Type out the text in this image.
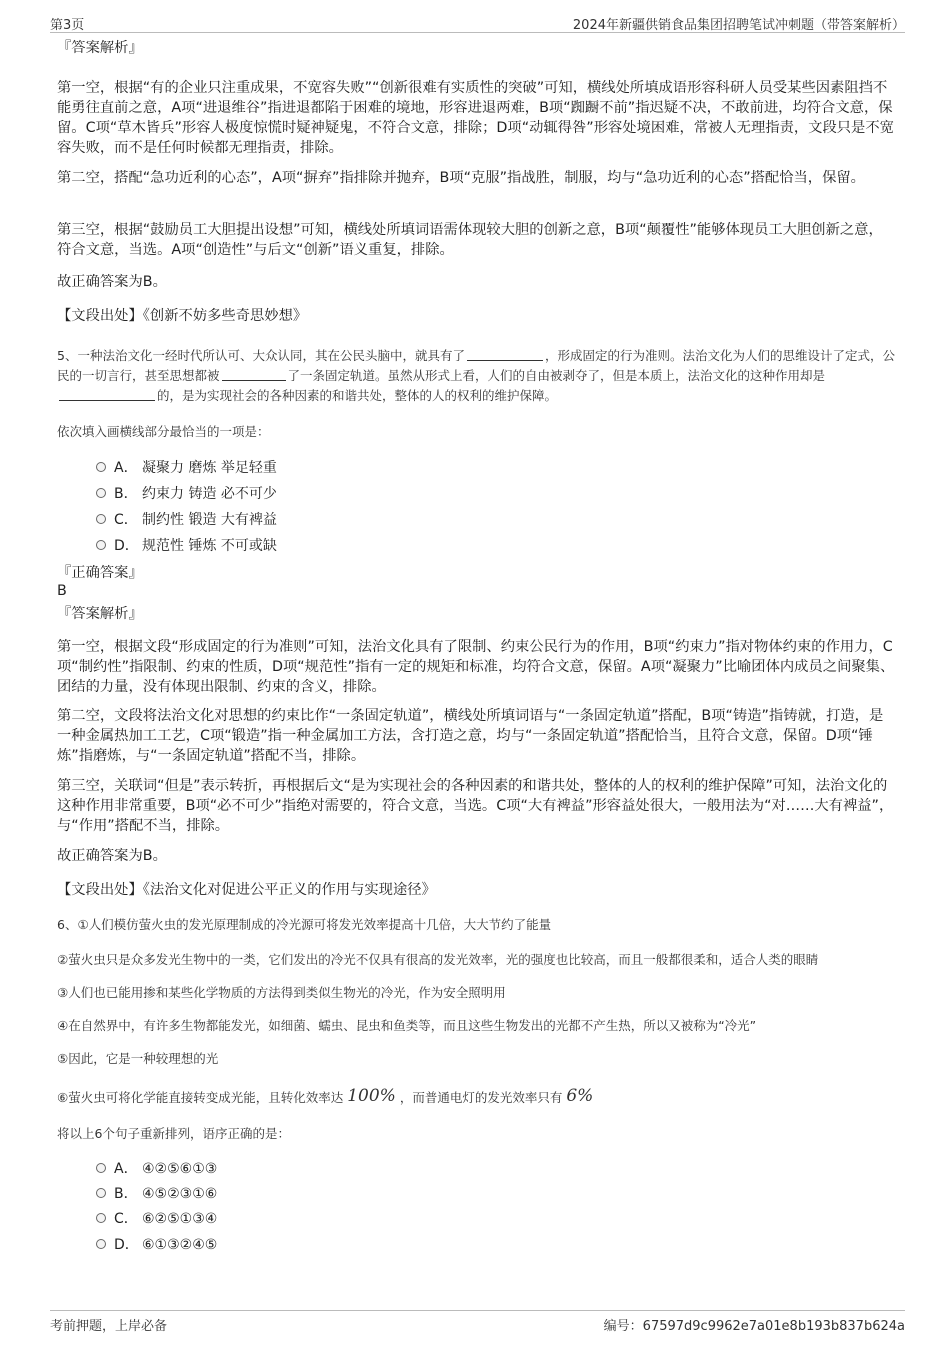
第3页	2024年新疆供销食品集团招聘笔试冲刺题（带答案解析）
『答案解析』
第一空，根据“有的企业只注重成果，不宽容失败”“创新很难有实质性的突破”可知，横线处所填成语形容科研人员受某些因素阻挡不能勇往直前之意，A项“进退维谷”指进退都陷于困难的境地，形容进退两难，B项“踟蹰不前”指迟疑不决，不敢前进，均符合文意，保留。C项“草木皆兵”形容人极度惊慌时疑神疑鬼，不符合文意，排除；D项“动辄得咎”形容处境困难，常被人无理指责，文段只是不宽容失败，而不是任何时候都无理指责，排除。
第二空，搭配“急功近利的心态”，A项“摒弃”指排除并抛弃，B项“克服”指战胜，制服，均与“急功近利的心态”搭配恰当，保留。
第三空，根据“鼓励员工大胆提出设想”可知，横线处所填词语需体现较大胆的创新之意，B项“颠覆性”能够体现员工大胆创新之意，符合文意，当选。A项“创造性”与后文“创新”语义重复，排除。
故正确答案为B。
【文段出处】《创新不妨多些奇思妙想》
5、一种法治文化一经时代所认可、大众认同，其在公民头脑中，就具有了	，形成固定的行为准则。法治文化为人们的思维设计了定式，公民的一切言行，甚至思想都被	了一条固定轨道。虽然从形式上看，人们的自由被剥夺了，但是本质上，法治文化的这种作用却是的，是为实现社会的各种因素的和谐共处，整体的人的权利的维护保障。
依次填入画横线部分最恰当的一项是：
A． 凝聚力 磨炼 举足轻重
B． 约束力 铸造 必不可少
C． 制约性 锻造 大有裨益
D． 规范性 锤炼 不可或缺
『正确答案』
B
『答案解析』
第一空，根据文段“形成固定的行为准则”可知，法治文化具有了限制、约束公民行为的作用，B项“约束力”指对物体约束的作用力，C项“制约性”指限制、约束的性质，D项“规范性”指有一定的规矩和标准，均符合文意，保留。A项“凝聚力”比喻团体内成员之间聚集、团结的力量，没有体现出限制、约束的含义，排除。
第二空，文段将法治文化对思想的约束比作“一条固定轨道”，横线处所填词语与“一条固定轨道”搭配，B项“铸造”指铸就，打造，是一种金属热加工工艺，C项“锻造”指一种金属加工方法，含打造之意，均与“一条固定轨道”搭配恰当，且符合文意，保留。D项“锤炼”指磨炼，与“一条固定轨道”搭配不当，排除。
第三空，关联词“但是”表示转折，再根据后文“是为实现社会的各种因素的和谐共处，整体的人的权利的维护保障”可知，法治文化的这种作用非常重要，B项“必不可少”指绝对需要的，符合文意，当选。C项“大有裨益”形容益处很大，一般用法为“对……大有裨益”，与“作用”搭配不当，排除。
故正确答案为B。
【文段出处】《法治文化对促进公平正义的作用与实现途径》
6、①人们模仿萤火虫的发光原理制成的冷光源可将发光效率提高十几倍，大大节约了能量
②萤火虫只是众多发光生物中的一类，它们发出的冷光不仅具有很高的发光效率，光的强度也比较高，而且一般都很柔和，适合人类的眼睛
③人们也已能用掺和某些化学物质的方法得到类似生物光的冷光，作为安全照明用
④在自然界中，有许多生物都能发光，如细菌、蠕虫、昆虫和鱼类等，而且这些生物发出的光都不产生热，所以又被称为“冷光”
⑤因此，它是一种较理想的光
⑥萤火虫可将化学能直接转变成光能，且转化效率达 100% ，而普通电灯的发光效率只有 6%
将以上6个句子重新排列，语序正确的是：
A． ④②⑤⑥①③
B． ④⑤②③①⑥
C． ⑥②⑤①③④
D． ⑥①③②④⑤
考前押题，上岸必备	编号：67597d9c9962e7a01e8b193b837b624a
